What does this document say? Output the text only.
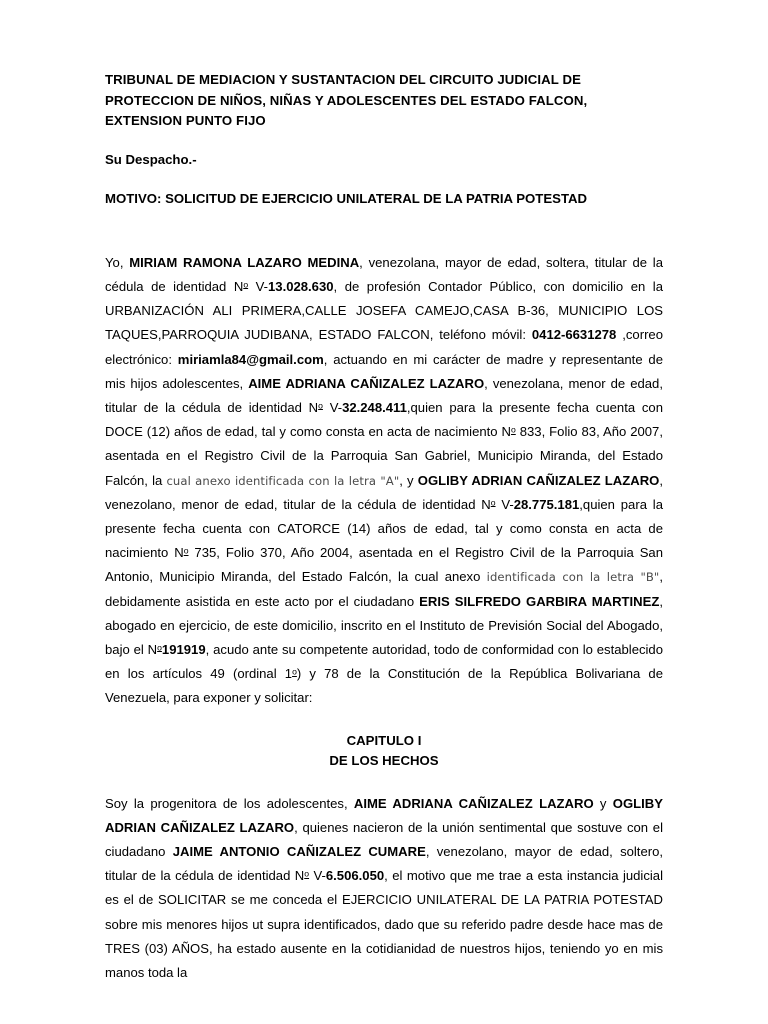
TRIBUNAL DE MEDIACION Y SUSTANTACION DEL CIRCUITO JUDICIAL DE
PROTECCION DE NIÑOS, NIÑAS Y ADOLESCENTES DEL ESTADO FALCON,
EXTENSION PUNTO FIJO
Su Despacho.-
MOTIVO: SOLICITUD DE EJERCICIO UNILATERAL DE LA PATRIA POTESTAD

Yo, MIRIAM RAMONA LAZARO MEDINA, venezolana, mayor de edad, soltera, titular de la cédula de identidad $N^o$ V-13.028.630, de profesión Contador Público, con domicilio en la URBANIZACIÓN ALI PRIMERA,CALLE JOSEFA CAMEJO,CASA B-36, MUNICIPIO LOS TAQUES,PARROQUIA JUDIBANA, ESTADO FALCON, teléfono móvil: 0412-6631278 ,correo electrónico: miriamla84@gmail.com, actuando en mi carácter de madre y representante de mis hijos adolescentes, AIME ADRIANA CAÑIZALEZ LAZARO, venezolana, menor de edad, titular de la cédula de identidad $N^o$ V-32.248.411,quien para la presente fecha cuenta con DOCE (12) años de edad, tal y como consta en acta de nacimiento $N^o$ 833, Folio 83, Año 2007, asentada en el Registro Civil de la Parroquia San Gabriel, Municipio Miranda, del Estado Falcón, la cual anexo identificada con la letra "A", y OGLIBY ADRIAN CAÑIZALEZ LAZARO, venezolano, menor de edad, titular de la cédula de identidad $N^o$ V-28.775.181,quien para la presente fecha cuenta con CATORCE (14) años de edad, tal y como consta en acta de nacimiento $N^o$ 735, Folio 370, Año 2004, asentada en el Registro Civil de la Parroquia San Antonio, Municipio Miranda, del Estado Falcón, la cual anexo identificada con la letra "B", debidamente asistida en este acto por el ciudadano ERIS SILFREDO GARBIRA MARTINEZ, abogado en ejercicio, de este domicilio, inscrito en el Instituto de Previsión Social del Abogado, bajo el $N^o191919$, acudo ante su competente autoridad, todo de conformidad con lo establecido en los artículos 49 (ordinal 1$^o$) y 78 de la Constitución de la República Bolivariana de Venezuela, para exponer y solicitar:

CAPITULO I
DE LOS HECHOS

Soy la progenitora de los adolescentes, AIME ADRIANA CAÑIZALEZ LAZARO y OGLIBY ADRIAN CAÑIZALEZ LAZARO, quienes nacieron de la unión sentimental que sostuve con el ciudadano JAIME ANTONIO CAÑIZALEZ CUMARE, venezolano, mayor de edad, soltero, titular de la cédula de identidad $N^o$ V-6.506.050, el motivo que me trae a esta instancia judicial es el de SOLICITAR se me conceda el EJERCICIO UNILATERAL DE LA PATRIA POTESTAD sobre mis menores hijos ut supra identificados, dado que su referido padre desde hace mas de TRES (03) AÑOS, ha estado ausente en la cotidianidad de nuestros hijos, teniendo yo en mis manos toda la
